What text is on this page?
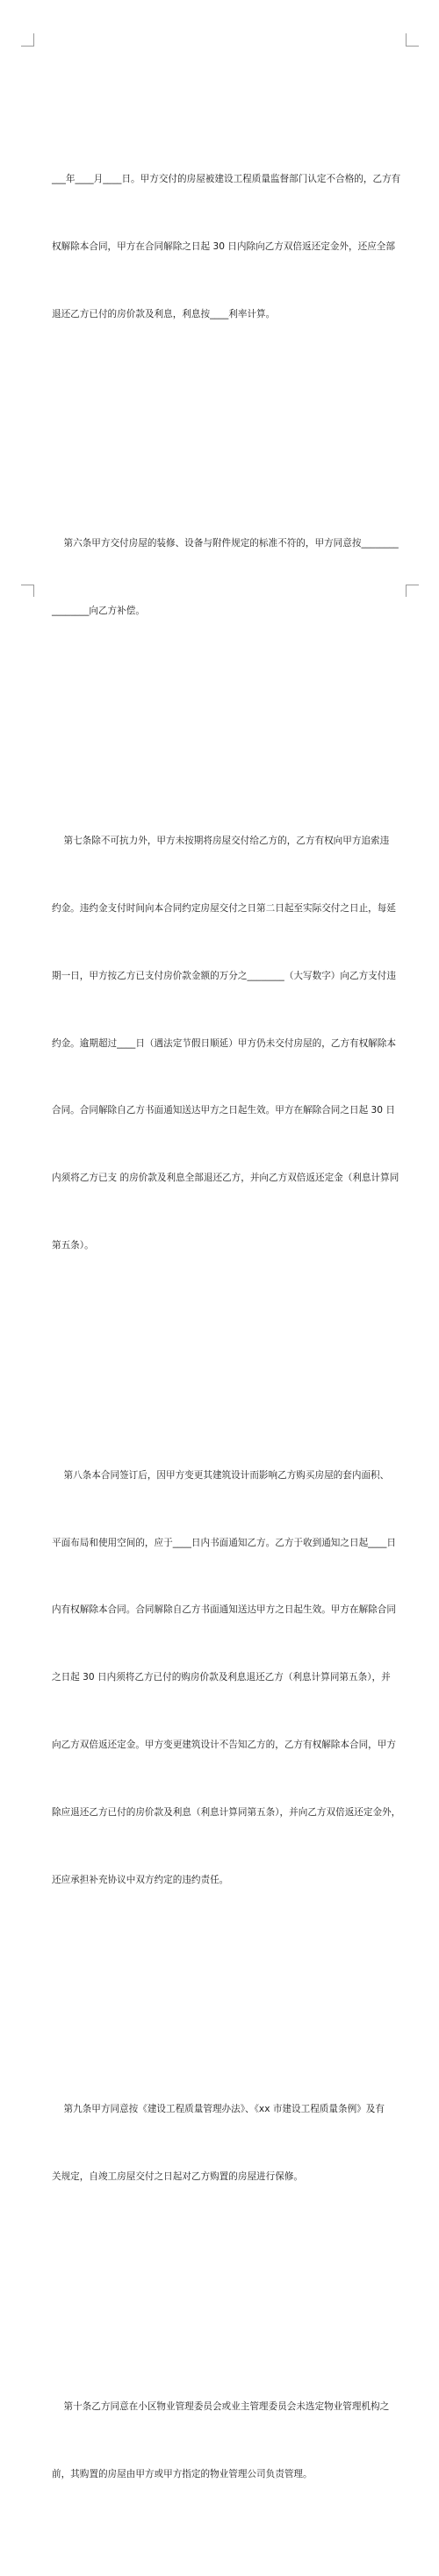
___年____月____日。甲方交付的房屋被建设工程质量监督部门认定不合格的，乙方有

权解除本合同，甲方在合同解除之日起 30 日内除向乙方双倍返还定金外，还应全部

退还乙方已付的房价款及利息，利息按____利率计算。

第六条甲方交付房屋的装修、设备与附件规定的标准不符的，甲方同意按________

________向乙方补偿。

第七条除不可抗力外，甲方未按期将房屋交付给乙方的，乙方有权向甲方追索违

约金。违约金支付时间向本合同约定房屋交付之日第二日起至实际交付之日止，每延

期一日，甲方按乙方已支付房价款金额的万分之________（大写数字）向乙方支付违

约金。逾期超过____日（遇法定节假日顺延）甲方仍未交付房屋的，乙方有权解除本

合同。合同解除自乙方书面通知送达甲方之日起生效。甲方在解除合同之日起 30 日

内须将乙方已支 的房价款及利息全部退还乙方，并向乙方双倍返还定金（利息计算同

第五条）。

第八条本合同签订后，因甲方变更其建筑设计而影响乙方购买房屋的套内面积、

平面布局和使用空间的，应于____日内书面通知乙方。乙方于收到通知之日起____日

内有权解除本合同。合同解除自乙方书面通知送达甲方之日起生效。甲方在解除合同

之日起 30 日内须将乙方已付的购房价款及利息退还乙方（利息计算同第五条），并

向乙方双倍返还定金。甲方变更建筑设计不告知乙方的，乙方有权解除本合同，甲方

除应退还乙方已付的房价款及利息（利息计算同第五条），并向乙方双倍返还定金外，

还应承担补充协议中双方约定的违约责任。

第九条甲方同意按《建设工程质量管理办法》、《xx 市建设工程质量条例》及有

关规定，自竣工房屋交付之日起对乙方购置的房屋进行保修。

第十条乙方同意在小区物业管理委员会或业主管理委员会未选定物业管理机构之

前，其购置的房屋由甲方或甲方指定的物业管理公司负责管理。
